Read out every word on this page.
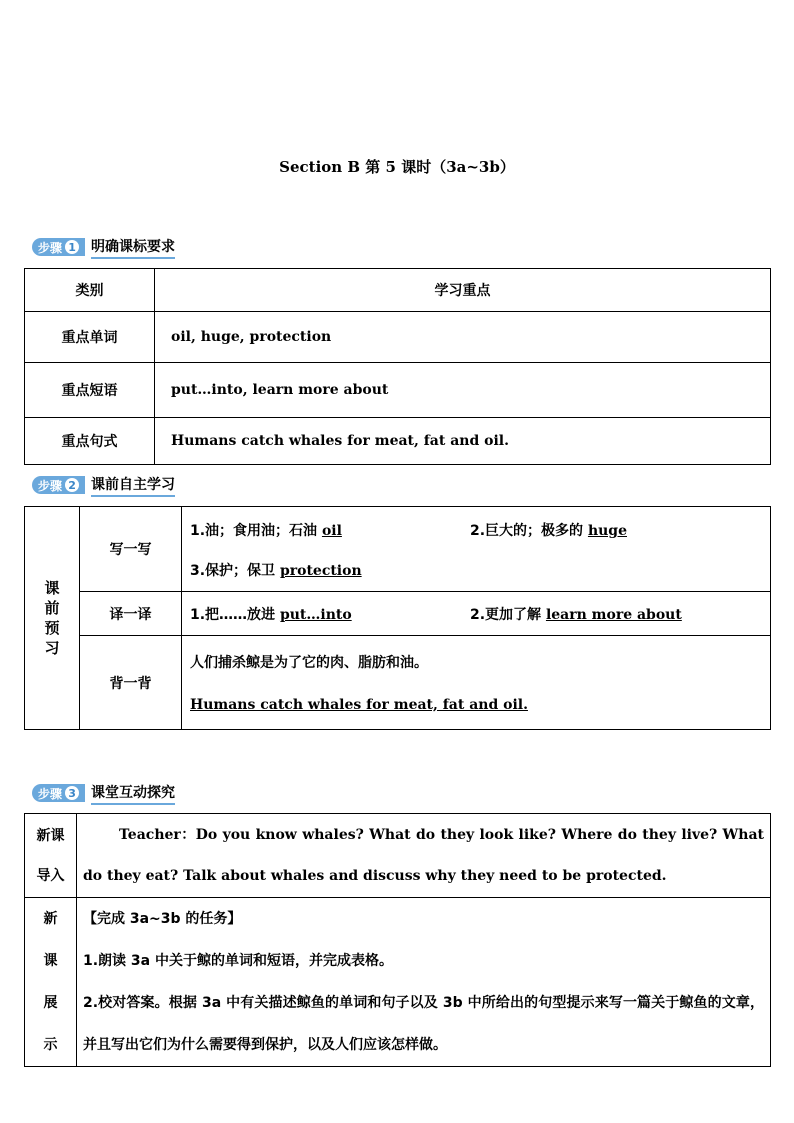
Section B 第 5 课时（3a~3b）
步骤 1 明确课标要求
类别	学习重点
重点单词	oil, huge, protection
重点短语	put…into, learn more about
重点句式	Humans catch whales for meat, fat and oil.
步骤 2 课前自主学习
课前预习	写一写	1.油；食用油；石油 oil 2.巨大的；极多的 huge
3.保护；保卫 protection

	译一译	1.把……放进 put…into 2.更加了解 learn more about

	背一背	人们捕杀鲸是为了它的肉、脂肪和油。
Humans catch whales for meat, fat and oil.
步骤 3 课堂互动探究
新课导入	Teacher：Do you know whales? What do they look like? Where do they live? What do they eat? Talk about whales and discuss why they need to be protected.

新课展示	【完成 3a~3b 的任务】
1.朗读 3a 中关于鲸的单词和短语，并完成表格。
2.校对答案。根据 3a 中有关描述鲸鱼的单词和句子以及 3b 中所给出的句型提示来写一篇关于鲸鱼的文章，并且写出它们为什么需要得到保护，以及人们应该怎样做。
